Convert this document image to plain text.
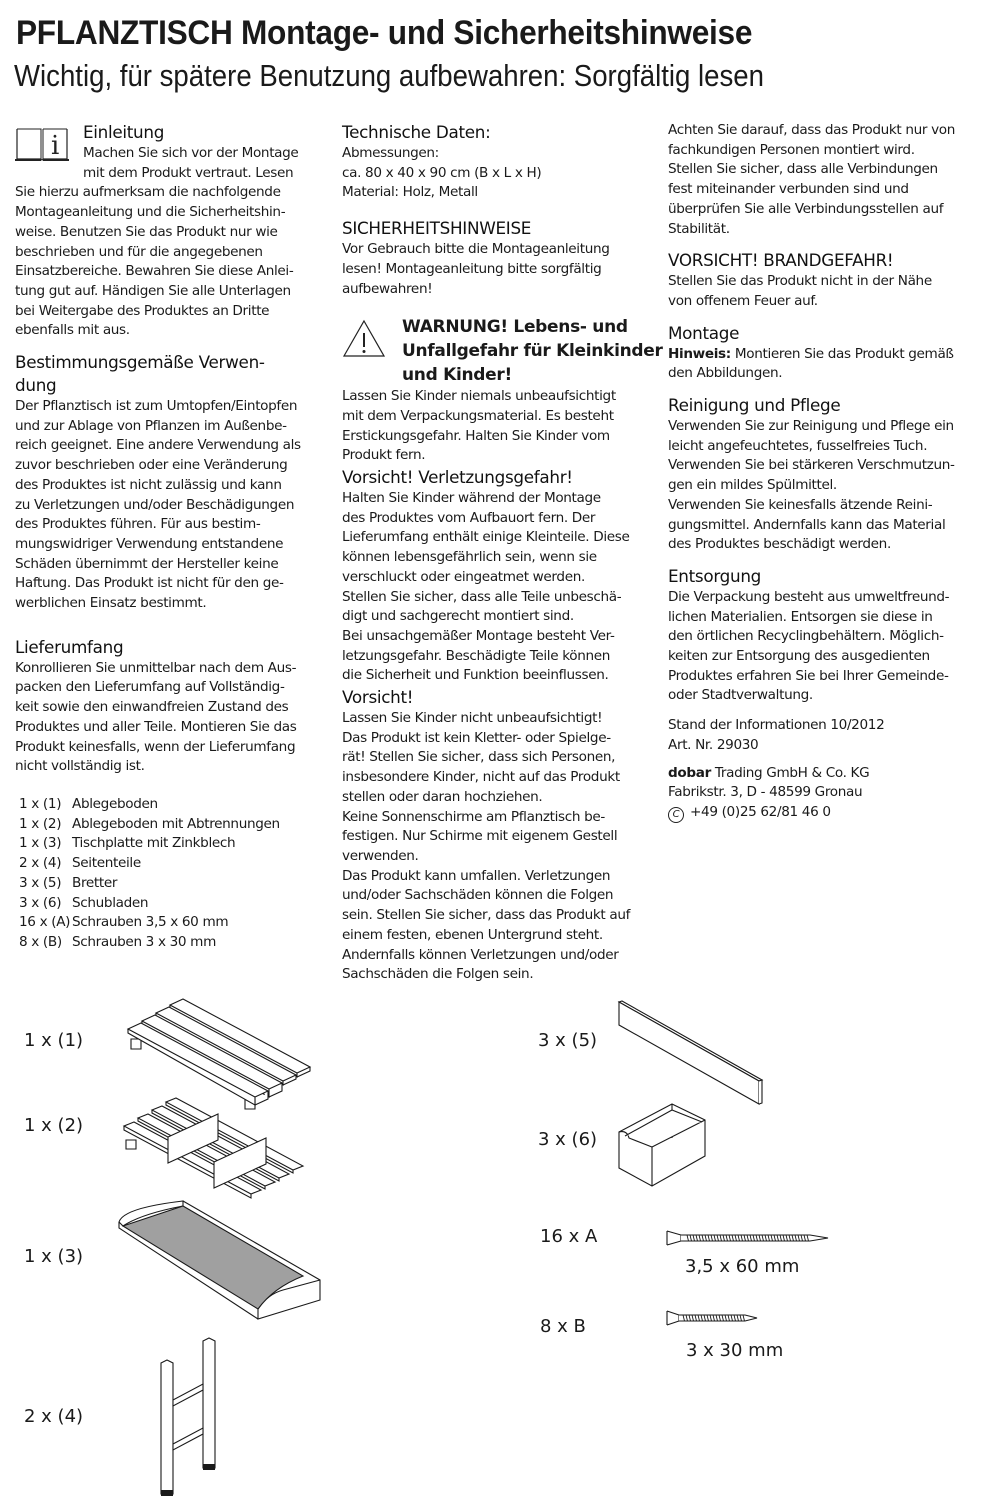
PFLANZTISCH Montage- und Sicherheitshinweise
Wichtig, für spätere Benutzung aufbewahren: Sorgfältig lesen
i	Einleitung
Machen Sie sich vor der Montage
mit dem Produkt vertraut. Lesen
Sie hierzu aufmerksam die nachfolgende
Montageanleitung und die Sicherheitshin-
weise. Benutzen Sie das Produkt nur wie
beschrieben und für die angegebenen
Einsatzbereiche. Bewahren Sie diese Anlei-
tung gut auf. Händigen Sie alle Unterlagen
bei Weitergabe des Produktes an Dritte
ebenfalls mit aus.
Bestimmungsgemäße Verwen-
dung
Der Pflanztisch ist zum Umtopfen/Eintopfen
und zur Ablage von Pflanzen im Außenbe-
reich geeignet. Eine andere Verwendung als
zuvor beschrieben oder eine Veränderung
des Produktes ist nicht zulässig und kann
zu Verletzungen und/oder Beschädigungen
des Produktes führen. Für aus bestim-
mungswidriger Verwendung entstandene
Schäden übernimmt der Hersteller keine
Haftung. Das Produkt ist nicht für den ge-
werblichen Einsatz bestimmt.
Lieferumfang
Konrollieren Sie unmittelbar nach dem Aus-
packen den Lieferumfang auf Vollständig-
keit sowie den einwandfreien Zustand des
Produktes und aller Teile. Montieren Sie das
Produkt keinesfalls, wenn der Lieferumfang
nicht vollständig ist.
1 x (1) Ablegeboden
1 x (2) Ablegeboden mit Abtrennungen
1 x (3) Tischplatte mit Zinkblech
2 x (4) Seitenteile
3 x (5) Bretter
3 x (6) Schubladen
16 x (A) Schrauben 3,5 x 60 mm
8 x (B) Schrauben 3 x 30 mm
Technische Daten:
Abmessungen:
ca. 80 x 40 x 90 cm (B x L x H)
Material: Holz, Metall
SICHERHEITSHINWEISE
Vor Gebrauch bitte die Montageanleitung
lesen! Montageanleitung bitte sorgfältig
aufbewahren!
WARNUNG! Lebens- und
Unfallgefahr für Kleinkinder
und Kinder!
Lassen Sie Kinder niemals unbeaufsichtigt
mit dem Verpackungsmaterial. Es besteht
Erstickungsgefahr. Halten Sie Kinder vom
Produkt fern.
Vorsicht! Verletzungsgefahr!
Halten Sie Kinder während der Montage
des Produktes vom Aufbauort fern. Der
Lieferumfang enthält einige Kleinteile. Diese
können lebensgefährlich sein, wenn sie
verschluckt oder eingeatmet werden.
Stellen Sie sicher, dass alle Teile unbeschä-
digt und sachgerecht montiert sind.
Bei unsachgemäßer Montage besteht Ver-
letzungsgefahr. Beschädigte Teile können
die Sicherheit und Funktion beeinflussen.
Vorsicht!
Lassen Sie Kinder nicht unbeaufsichtigt!
Das Produkt ist kein Kletter- oder Spielge-
rät! Stellen Sie sicher, dass sich Personen,
insbesondere Kinder, nicht auf das Produkt
stellen oder daran hochziehen.
Keine Sonnenschirme am Pflanztisch be-
festigen. Nur Schirme mit eigenem Gestell
verwenden.
Das Produkt kann umfallen. Verletzungen
und/oder Sachschäden können die Folgen
sein. Stellen Sie sicher, dass das Produkt auf
einem festen, ebenen Untergrund steht.
Andernfalls können Verletzungen und/oder
Sachschäden die Folgen sein.
Achten Sie darauf, dass das Produkt nur von
fachkundigen Personen montiert wird.
Stellen Sie sicher, dass alle Verbindungen
fest miteinander verbunden sind und
überprüfen Sie alle Verbindungsstellen auf
Stabilität.
VORSICHT! BRANDGEFAHR!
Stellen Sie das Produkt nicht in der Nähe
von offenem Feuer auf.
Montage
Hinweis: Montieren Sie das Produkt gemäß
den Abbildungen.
Reinigung und Pflege
Verwenden Sie zur Reinigung und Pflege ein
leicht angefeuchtetes, fusselfreies Tuch.
Verwenden Sie bei stärkeren Verschmutzun-
gen ein mildes Spülmittel.
Verwenden Sie keinesfalls ätzende Reini-
gungsmittel. Andernfalls kann das Material
des Produktes beschädigt werden.
Entsorgung
Die Verpackung besteht aus umweltfreund-
lichen Materialien. Entsorgen sie diese in
den örtlichen Recyclingbehältern. Möglich-
keiten zur Entsorgung des ausgedienten
Produktes erfahren Sie bei Ihrer Gemeinde-
oder Stadtverwaltung.
Stand der Informationen 10/2012
Art. Nr. 29030
dobar Trading GmbH & Co. KG
Fabrikstr. 3, D - 48599 Gronau
C +49 (0)25 62/81 46 0
1 x (1)
1 x (2)
1 x (3)
2 x (4)
3 x (5)
3 x (6)
16 x A
8 x B
3,5 x 60 mm
3 x 30 mm
